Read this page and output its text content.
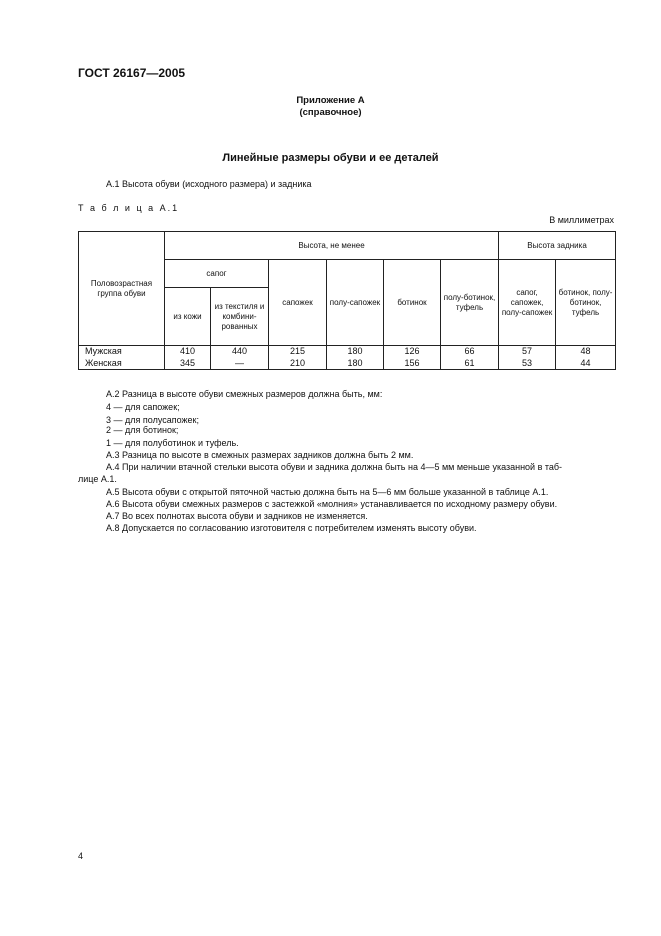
ГОСТ 26167—2005
Приложение А
(справочное)
Линейные размеры обуви и ее деталей
А.1 Высота обуви (исходного размера) и задника
Т а б л и ц а А.1
В миллиметрах
Половозрастная группа обуви	Высота, не менее						Высота задника	
	сапог		сапожек	полу-сапожек	ботинок	полу-ботинок, туфель	сапог, сапожек, полу-сапожек	ботинок, полу-ботинок, туфель
	из кожи	из текстиля и комбини-рованных						
Мужская	410	440	215	180	126	66	57	48
Женская	345	—	210	180	156	61	53	44
А.2 Разница в высоте обуви смежных размеров должна быть, мм:
4 — для сапожек;
3 — для полусапожек;
2 — для ботинок;
1 — для полуботинок и туфель.
А.3 Разница по высоте в смежных размерах задников должна быть 2 мм.
А.4 При наличии втачной стельки высота обуви и задника должна быть на 4—5 мм меньше указанной в таб-
лице А.1.
А.5 Высота обуви с открытой пяточной частью должна быть на 5—6 мм больше указанной в таблице А.1.
А.6 Высота обуви смежных размеров с застежкой «молния» устанавливается по исходному размеру обуви.
А.7 Во всех полнотах высота обуви и задников не изменяется.
А.8 Допускается по согласованию изготовителя с потребителем изменять высоту обуви.
4
